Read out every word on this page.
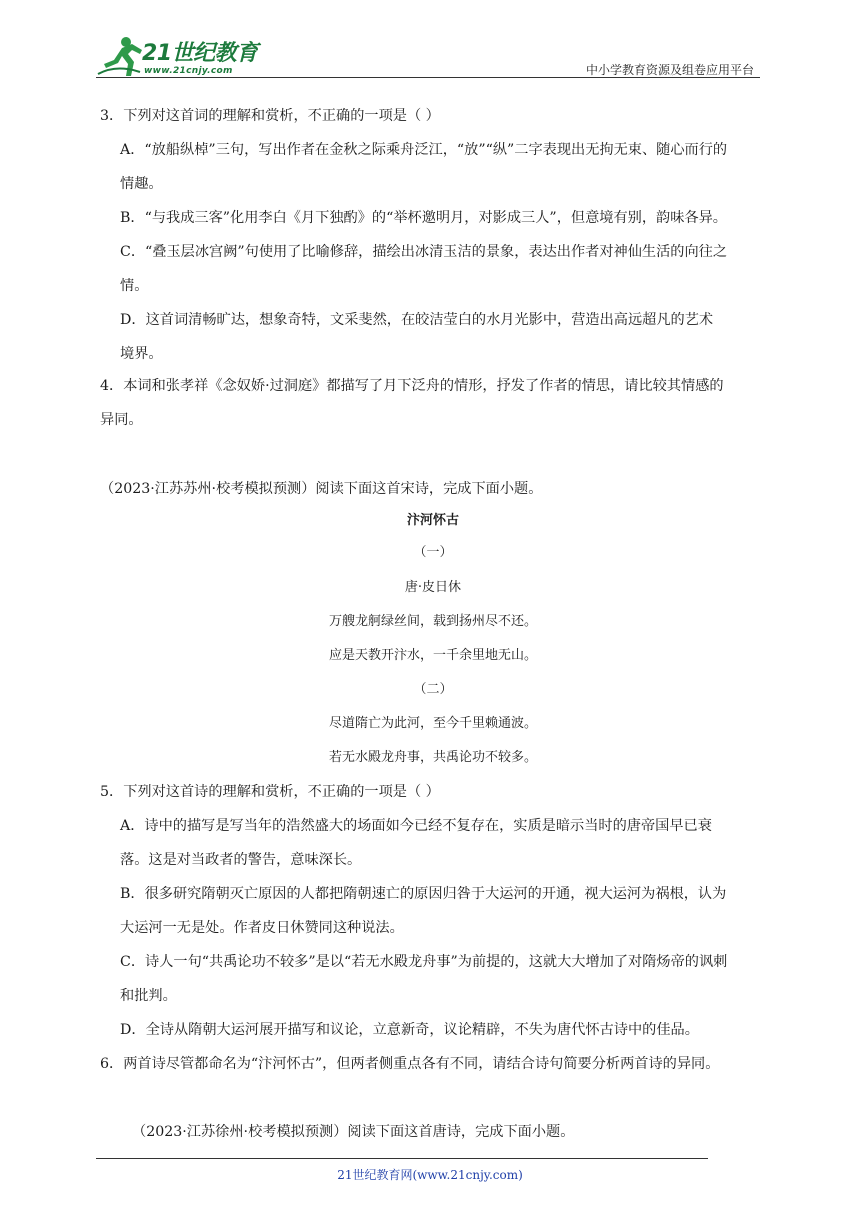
21世纪教育
www.21cnjy.com	中小学教育资源及组卷应用平台
3．下列对这首词的理解和赏析，不正确的一项是（ ）
A．“放船纵棹”三句，写出作者在金秋之际乘舟泛江，“放”“纵”二字表现出无拘无束、随心而行的
情趣。
B．“与我成三客”化用李白《月下独酌》的“举杯邀明月，对影成三人”，但意境有别，韵味各异。
C．“叠玉层冰宫阙”句使用了比喻修辞，描绘出冰清玉洁的景象，表达出作者对神仙生活的向往之
情。
D．这首词清畅旷达，想象奇特，文采斐然，在皎洁莹白的水月光影中，营造出高远超凡的艺术
境界。
4．本词和张孝祥《念奴娇·过洞庭》都描写了月下泛舟的情形，抒发了作者的情思，请比较其情感的
异同。
（2023·江苏苏州·校考模拟预测）阅读下面这首宋诗，完成下面小题。
汴河怀古
（一）
唐·皮日休
万艘龙舸绿丝间，载到扬州尽不还。
应是天教开汴水，一千余里地无山。
（二）
尽道隋亡为此河，至今千里赖通波。
若无水殿龙舟事，共禹论功不较多。
5．下列对这首诗的理解和赏析，不正确的一项是（ ）
A．诗中的描写是写当年的浩然盛大的场面如今已经不复存在，实质是暗示当时的唐帝国早已衰
落。这是对当政者的警告，意味深长。
B．很多研究隋朝灭亡原因的人都把隋朝速亡的原因归咎于大运河的开通，视大运河为祸根，认为
大运河一无是处。作者皮日休赞同这种说法。
C．诗人一句“共禹论功不较多”是以“若无水殿龙舟事”为前提的，这就大大增加了对隋炀帝的讽刺
和批判。
D．全诗从隋朝大运河展开描写和议论，立意新奇，议论精辟，不失为唐代怀古诗中的佳品。
6．两首诗尽管都命名为“汴河怀古”，但两者侧重点各有不同，请结合诗句简要分析两首诗的异同。
（2023·江苏徐州·校考模拟预测）阅读下面这首唐诗，完成下面小题。
21世纪教育网(www.21cnjy.com)
